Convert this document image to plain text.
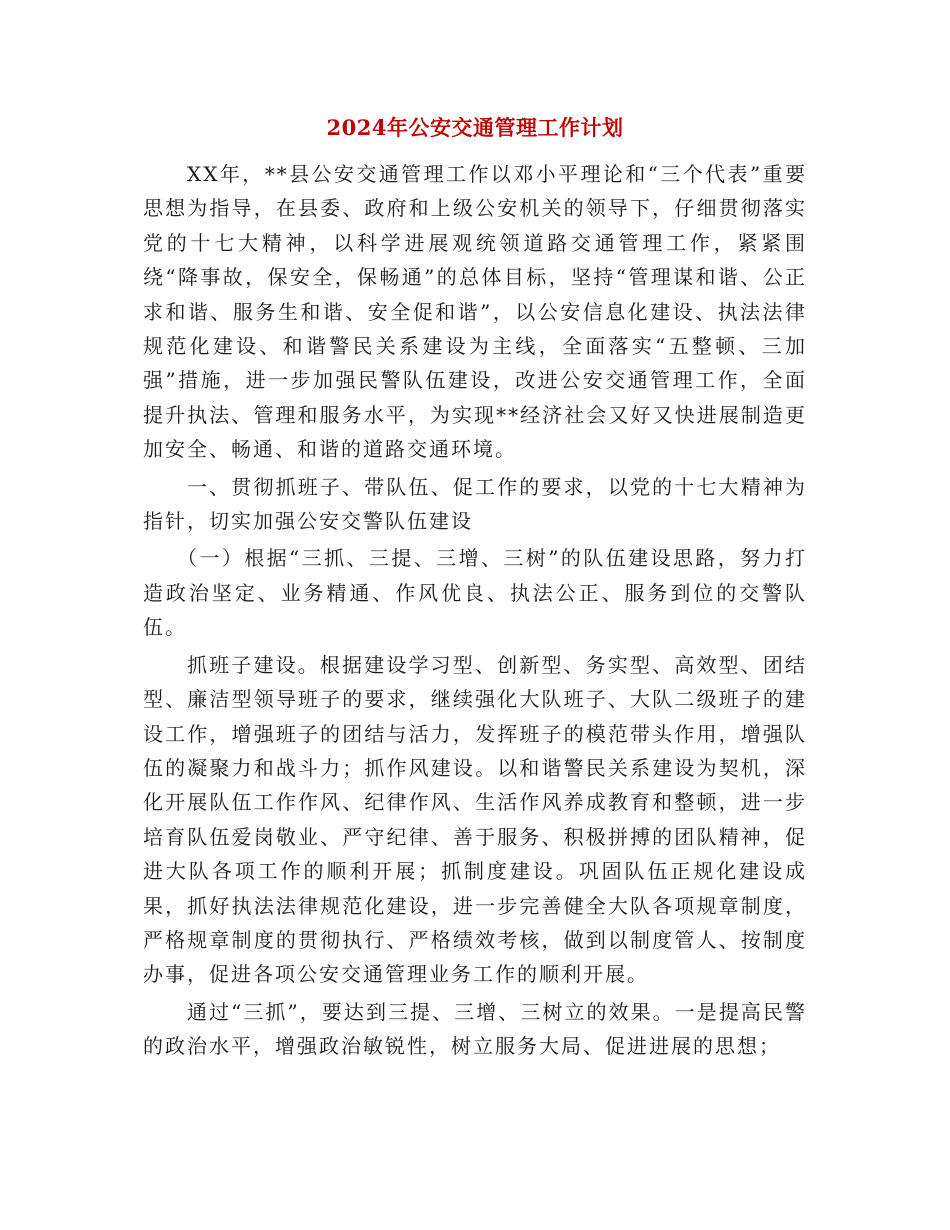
2024年公安交通管理工作计划

XX年，**县公安交通管理工作以邓小平理论和“三个代表”重要思想为指导，在县委、政府和上级公安机关的领导下，仔细贯彻落实党的十七大精神，以科学进展观统领道路交通管理工作，紧紧围绕“降事故，保安全，保畅通”的总体目标，坚持“管理谋和谐、公正求和谐、服务生和谐、安全促和谐”，以公安信息化建设、执法法律规范化建设、和谐警民关系建设为主线，全面落实“五整顿、三加强”措施，进一步加强民警队伍建设，改进公安交通管理工作，全面提升执法、管理和服务水平，为实现**经济社会又好又快进展制造更加安全、畅通、和谐的道路交通环境。

一、贯彻抓班子、带队伍、促工作的要求，以党的十七大精神为指针，切实加强公安交警队伍建设

（一）根据“三抓、三提、三增、三树”的队伍建设思路，努力打造政治坚定、业务精通、作风优良、执法公正、服务到位的交警队伍。

抓班子建设。根据建设学习型、创新型、务实型、高效型、团结型、廉洁型领导班子的要求，继续强化大队班子、大队二级班子的建设工作，增强班子的团结与活力，发挥班子的模范带头作用，增强队伍的凝聚力和战斗力；抓作风建设。以和谐警民关系建设为契机，深化开展队伍工作作风、纪律作风、生活作风养成教育和整顿，进一步培育队伍爱岗敬业、严守纪律、善于服务、积极拼搏的团队精神，促进大队各项工作的顺利开展；抓制度建设。巩固队伍正规化建设成果，抓好执法法律规范化建设，进一步完善健全大队各项规章制度，严格规章制度的贯彻执行、严格绩效考核，做到以制度管人、按制度办事，促进各项公安交通管理业务工作的顺利开展。

通过“三抓”，要达到三提、三增、三树立的效果。一是提高民警的政治水平，增强政治敏锐性，树立服务大局、促进进展的思想；
